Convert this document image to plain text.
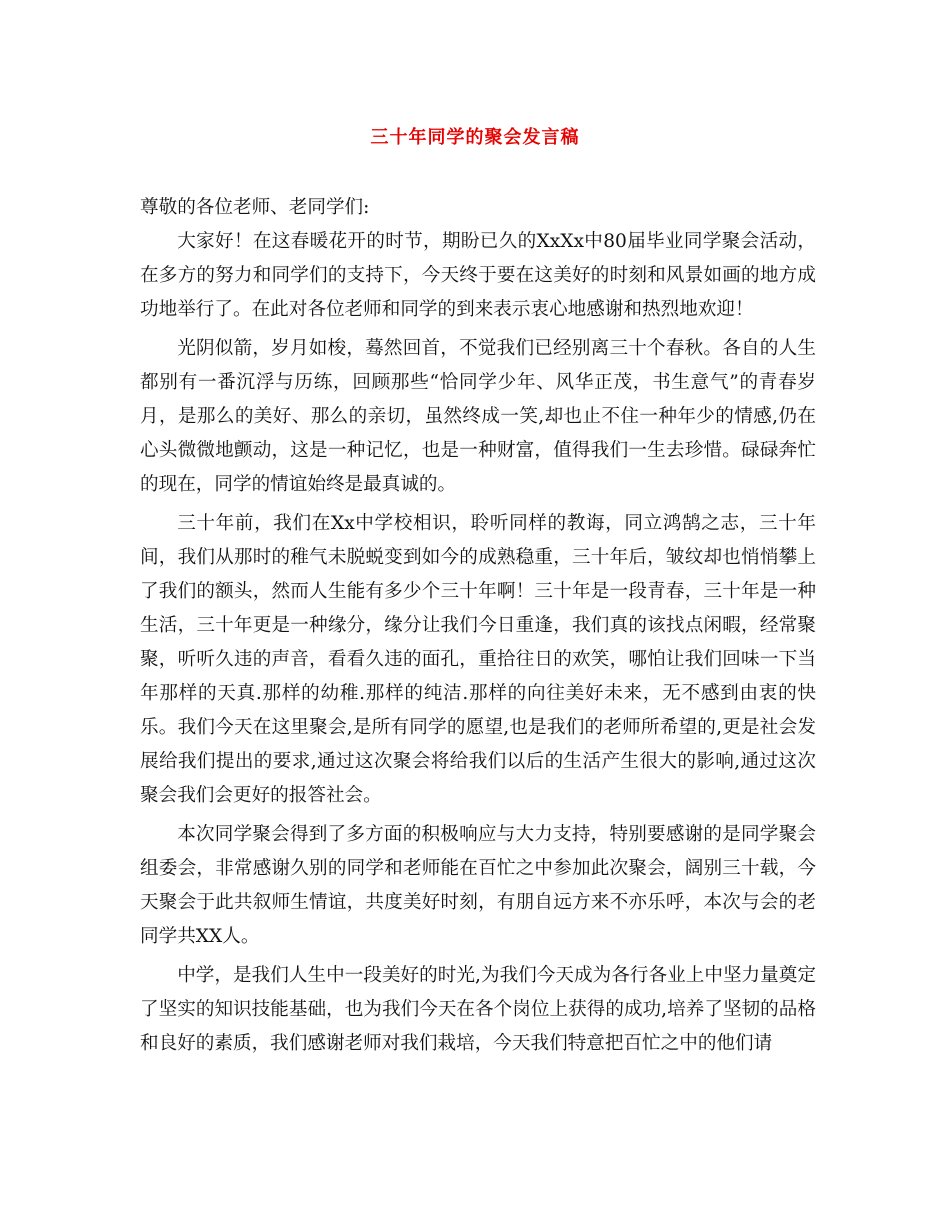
三十年同学的聚会发言稿

尊敬的各位老师、老同学们:

大家好！在这春暖花开的时节，期盼已久的XxXx中80届毕业同学聚会活动，在多方的努力和同学们的支持下，今天终于要在这美好的时刻和风景如画的地方成功地举行了。在此对各位老师和同学的到来表示衷心地感谢和热烈地欢迎！

光阴似箭，岁月如梭，蓦然回首，不觉我们已经别离三十个春秋。各自的人生都别有一番沉浮与历练，回顾那些“恰同学少年、风华正茂，书生意气”的青春岁月，是那么的美好、那么的亲切，虽然终成一笑,却也止不住一种年少的情感,仍在心头微微地颤动，这是一种记忆，也是一种财富，值得我们一生去珍惜。碌碌奔忙的现在，同学的情谊始终是最真诚的。

三十年前，我们在Xx中学校相识，聆听同样的教诲，同立鸿鹄之志，三十年间，我们从那时的稚气未脱蜕变到如今的成熟稳重，三十年后，皱纹却也悄悄攀上了我们的额头，然而人生能有多少个三十年啊！三十年是一段青春，三十年是一种生活，三十年更是一种缘分，缘分让我们今日重逢，我们真的该找点闲暇，经常聚聚，听听久违的声音，看看久违的面孔，重拾往日的欢笑，哪怕让我们回味一下当年那样的天真.那样的幼稚.那样的纯洁.那样的向往美好未来，无不感到由衷的快乐。我们今天在这里聚会,是所有同学的愿望,也是我们的老师所希望的,更是社会发展给我们提出的要求,通过这次聚会将给我们以后的生活产生很大的影响,通过这次聚会我们会更好的报答社会。

本次同学聚会得到了多方面的积极响应与大力支持，特别要感谢的是同学聚会组委会，非常感谢久别的同学和老师能在百忙之中参加此次聚会，阔别三十载，今天聚会于此共叙师生情谊，共度美好时刻，有朋自远方来不亦乐呼，本次与会的老同学共XX人。

中学，是我们人生中一段美好的时光,为我们今天成为各行各业上中坚力量奠定了坚实的知识技能基础，也为我们今天在各个岗位上获得的成功,培养了坚韧的品格和良好的素质，我们感谢老师对我们栽培，今天我们特意把百忙之中的他们请
